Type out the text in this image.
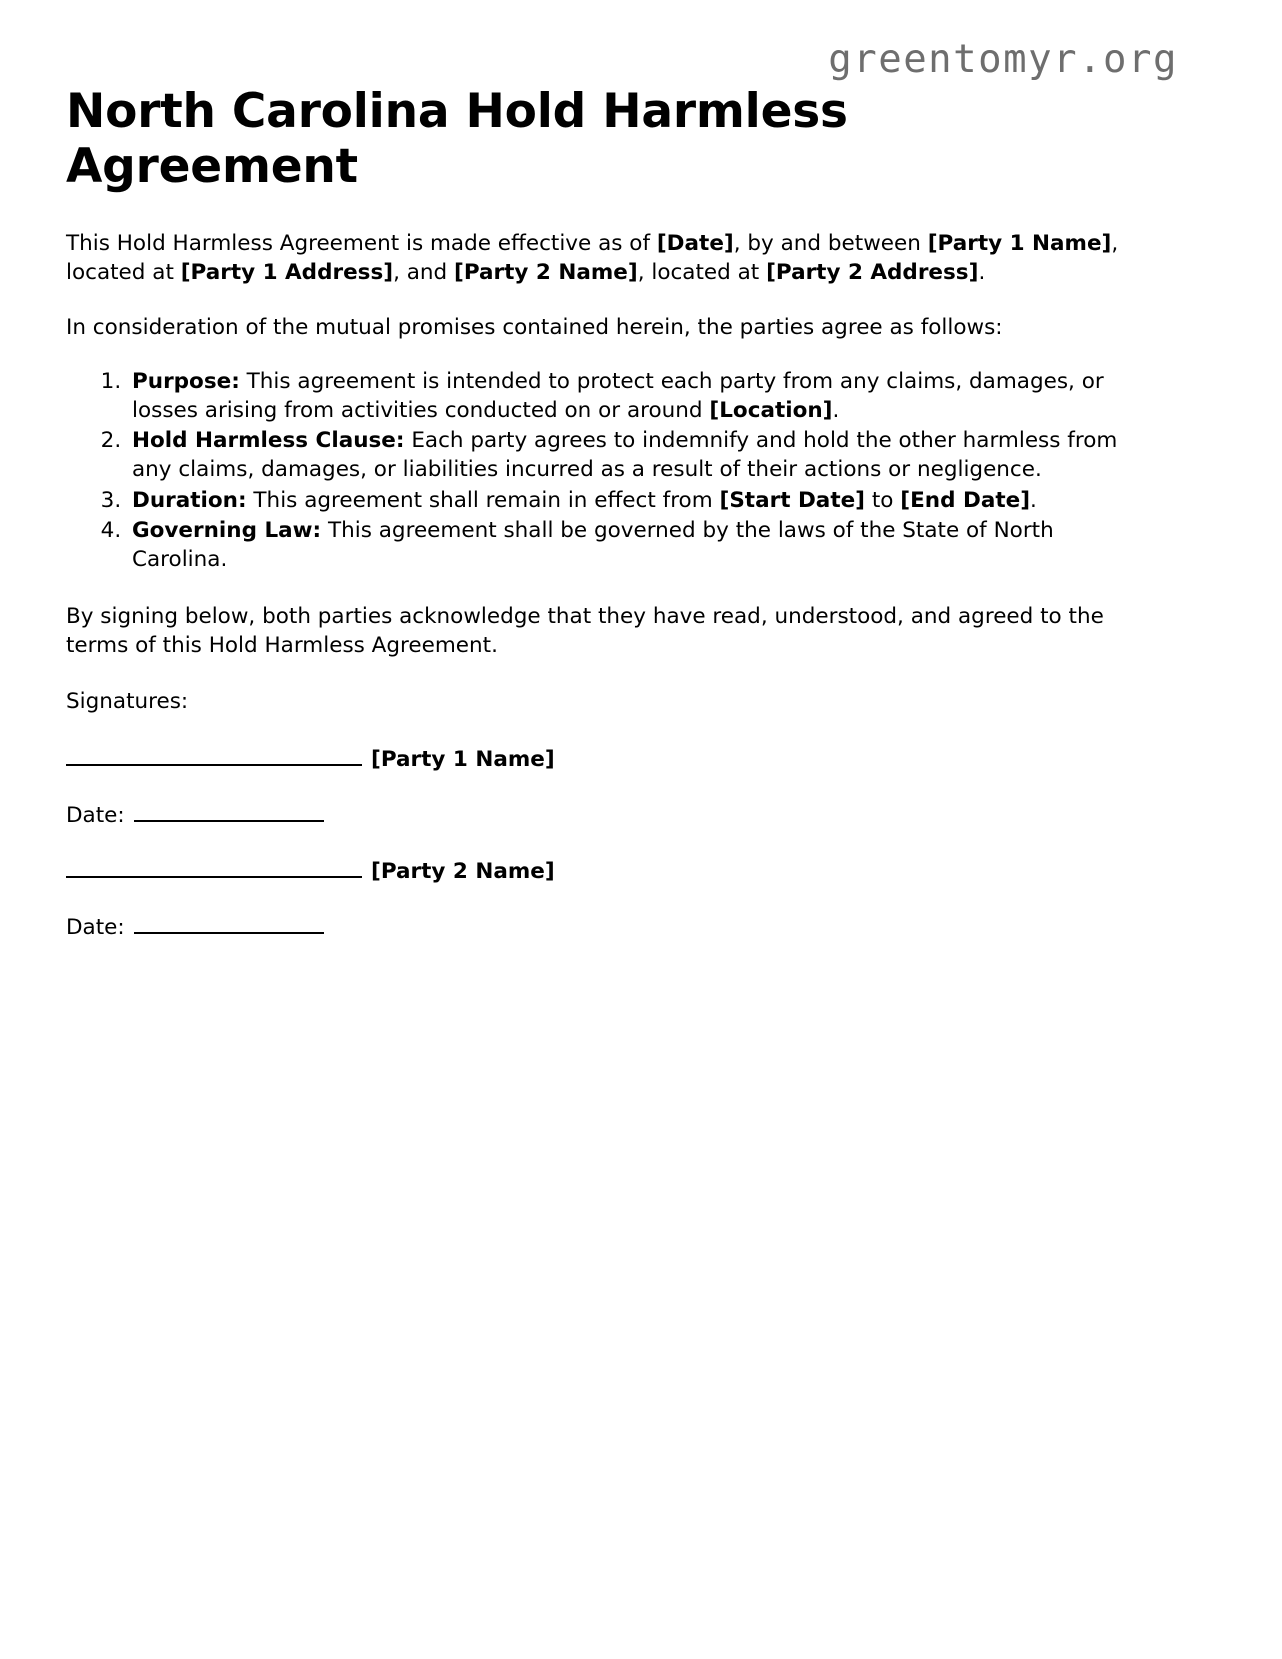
greentomyr.org
North Carolina Hold Harmless Agreement

This Hold Harmless Agreement is made effective as of [Date], by and between [Party 1 Name], located at [Party 1 Address], and [Party 2 Name], located at [Party 2 Address].

In consideration of the mutual promises contained herein, the parties agree as follows:

1. Purpose: This agreement is intended to protect each party from any claims, damages, or losses arising from activities conducted on or around [Location].
2. Hold Harmless Clause: Each party agrees to indemnify and hold the other harmless from any claims, damages, or liabilities incurred as a result of their actions or negligence.
3. Duration: This agreement shall remain in effect from [Start Date] to [End Date].
4. Governing Law: This agreement shall be governed by the laws of the State of North Carolina.

By signing below, both parties acknowledge that they have read, understood, and agreed to the terms of this Hold Harmless Agreement.

Signatures:

[Party 1 Name]
Date:
[Party 2 Name]
Date:
